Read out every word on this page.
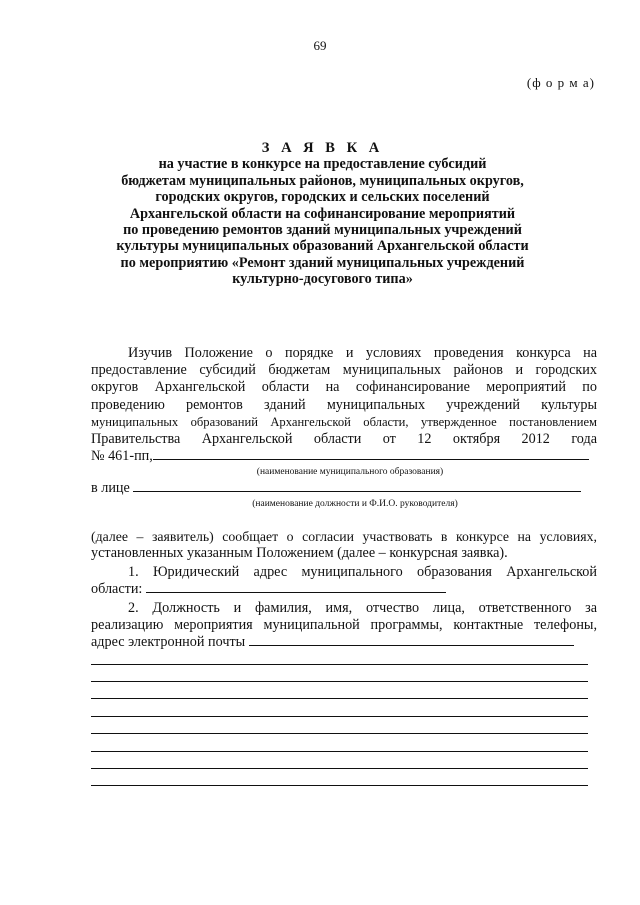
69
(ф о р м а)
З А Я В К А
на участие в конкурсе на предоставление субсидий
бюджетам муниципальных районов, муниципальных округов,
городских округов, городских и сельских поселений
Архангельской области на софинансирование мероприятий
по проведению ремонтов зданий муниципальных учреждений
культуры муниципальных образований Архангельской области
по мероприятию «Ремонт зданий муниципальных учреждений
культурно-досугового типа»
Изучив Положение о порядке и условиях проведения конкурса на
предоставление субсидий бюджетам муниципальных районов и городских
округов Архангельской области на софинансирование мероприятий по
проведению ремонтов зданий муниципальных учреждений культуры
муниципальных образований Архангельской области, утвержденное постановлением
Правительства Архангельской области от 12 октября 2012 года
№ 461-пп,
(наименование муниципального образования)
в лице
(наименование должности и Ф.И.О. руководителя)
(далее – заявитель) сообщает о согласии участвовать в конкурсе на условиях,
установленных указанным Положением (далее – конкурсная заявка).
1. Юридический адрес муниципального образования Архангельской
области:
2. Должность и фамилия, имя, отчество лица, ответственного за
реализацию мероприятия муниципальной программы, контактные телефоны,
адрес электронной почты
